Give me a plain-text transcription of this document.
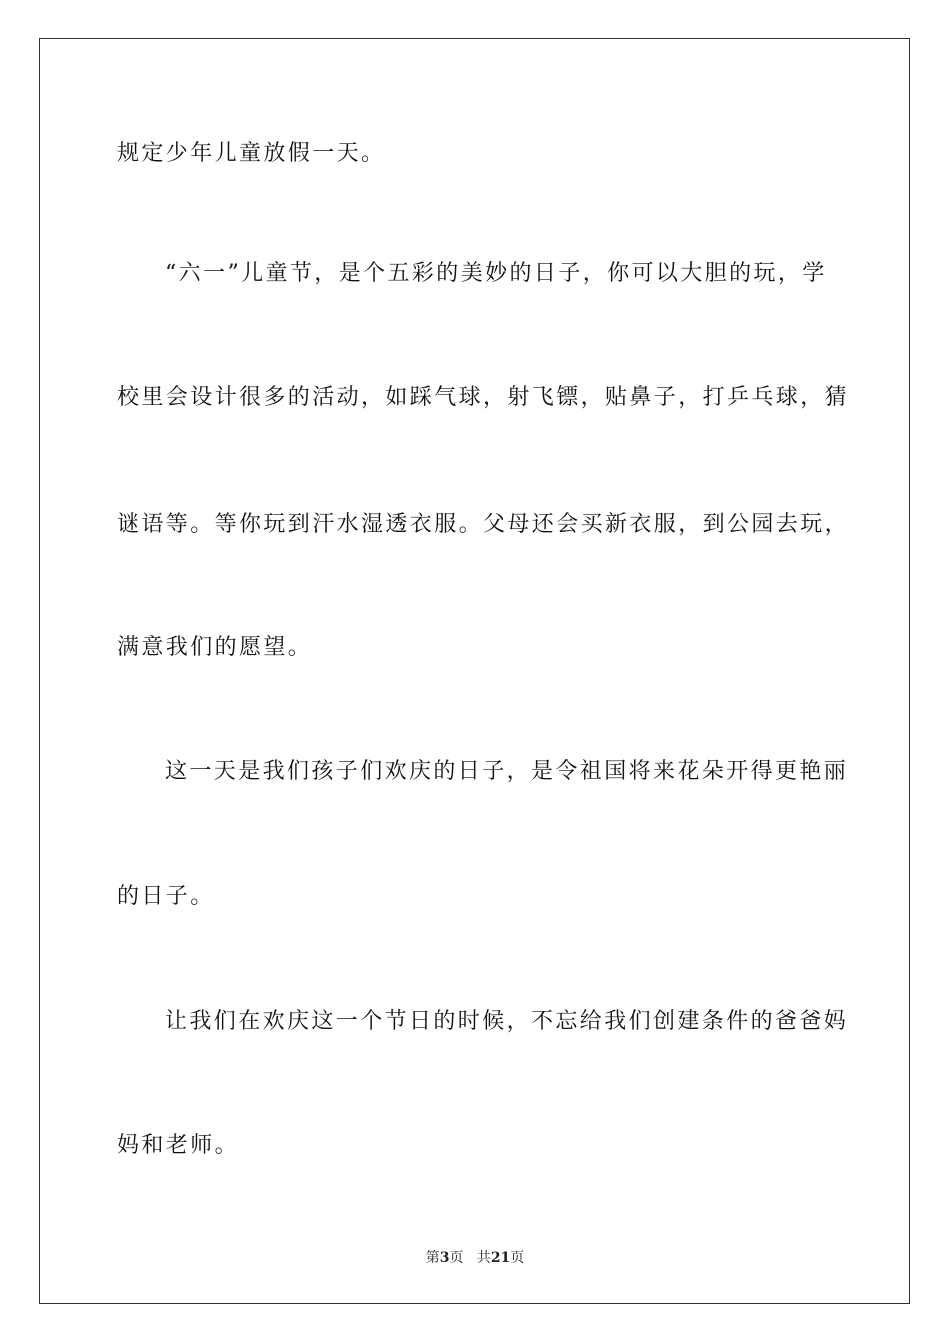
规定少年儿童放假一天。
“六一”儿童节，是个五彩的美妙的日子，你可以大胆的玩，学
校里会设计很多的活动，如踩气球，射飞镖，贴鼻子，打乒乓球，猜
谜语等。等你玩到汗水湿透衣服。父母还会买新衣服，到公园去玩，
满意我们的愿望。
这一天是我们孩子们欢庆的日子，是令祖国将来花朵开得更艳丽
的日子。
让我们在欢庆这一个节日的时候，不忘给我们创建条件的爸爸妈
妈和老师。
第3页 共21页
